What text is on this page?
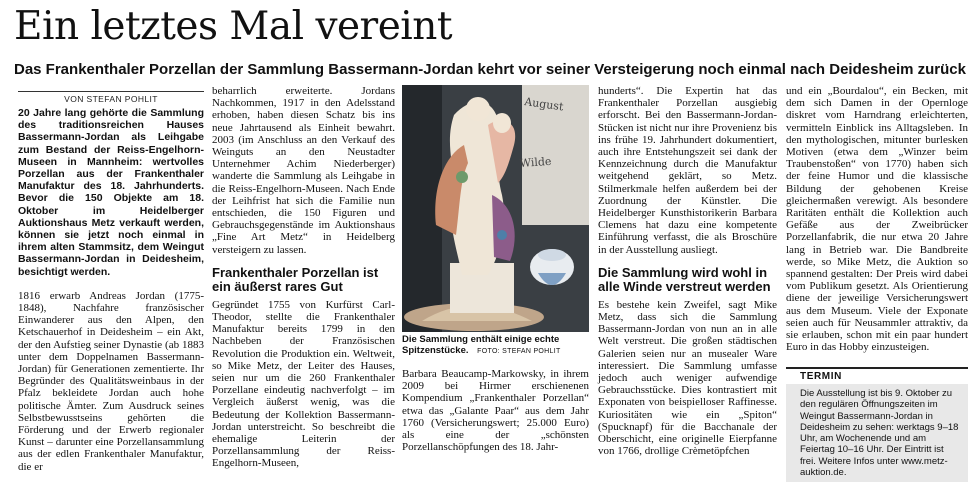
Ein letztes Mal vereint
Das Frankenthaler Porzellan der Sammlung Bassermann-Jordan kehrt vor seiner Versteigerung noch einmal nach Deidesheim zurück
VON STEFAN POHLIT

20 Jahre lang gehörte die Sammlung des traditionsreichen Hauses Bassermann-Jordan als Leihgabe zum Bestand der Reiss-Engelhorn-Museen in Mannheim: wertvolles Porzellan aus der Frankenthaler Manufaktur des 18. Jahrhunderts. Bevor die 150 Objekte am 18. Oktober im Heidelberger Auktionshaus Metz verkauft werden, können sie jetzt noch einmal in ihrem alten Stammsitz, dem Weingut Bassermann-Jordan in Deidesheim, besichtigt werden.

1816 erwarb Andreas Jordan (1775-1848), Nachfahre französischer Einwanderer aus den Alpen, den Ketschauerhof in Deidesheim – ein Akt, der den Aufstieg seiner Dynastie (ab 1883 unter dem Doppelnamen Bassermann-Jordan) für Generationen zementierte. Ihr Begründer des Qualitätsweinbaus in der Pfalz bekleidete Jordan auch hohe politische Ämter. Zum Ausdruck seines Selbstbewusstseins gehörten die Förderung und der Erwerb regionaler Kunst – darunter eine Porzellansammlung aus der edlen Frankenthaler Manufaktur, die er

beharrlich erweiterte. Jordans Nachkommen, 1917 in den Adelsstand erhoben, haben diesen Schatz bis ins neue Jahrtausend als Einheit bewahrt. 2003 (im Anschluss an den Verkauf des Weinguts an den Neustadter Unternehmer Achim Niederberger) wanderte die Sammlung als Leihgabe in die Reiss-Engelhorn-Museen. Nach Ende der Leihfrist hat sich die Familie nun entschieden, die 150 Figuren und Gebrauchsgegenstände im Auktionshaus „Fine Art Metz“ in Heidelberg versteigern zu lassen.

Frankenthaler Porzellan ist ein äußerst rares Gut

Gegründet 1755 von Kurfürst Carl-Theodor, stellte die Frankenthaler Manufaktur bereits 1799 in den Nachbeben der Französischen Revolution die Produktion ein. Weltweit, so Mike Metz, der Leiter des Hauses, seien nur um die 260 Frankenthaler Porzellane eindeutig nachverfolgt – im Vergleich äußerst wenig, was die Bedeutung der Kollektion Bassermann-Jordan unterstreicht. So beschreibt die ehemalige Leiterin der Porzellansammlung der Reiss-Engelhorn-Museen,

August
Wilde
Die Sammlung enthält einige echte Spitzenstücke. FOTO: STEFAN POHLIT

Barbara Beaucamp-Markowsky, in ihrem 2009 bei Hirmer erschienenen Kompendium „Frankenthaler Porzellan“ etwa das „Galante Paar“ aus dem Jahr 1760 (Versicherungswert; 25.000 Euro) als eine der „schönsten Porzellanschöpfungen des 18. Jahr-

hunderts“. Die Expertin hat das Frankenthaler Porzellan ausgiebig erforscht. Bei den Bassermann-Jordan-Stücken ist nicht nur ihre Provenienz bis ins frühe 19. Jahrhundert dokumentiert, auch ihre Entstehungszeit sei dank der Kennzeichnung durch die Manufaktur weitgehend geklärt, so Metz. Stilmerkmale helfen außerdem bei der Zuordnung der Künstler. Die Heidelberger Kunsthistorikerin Barbara Clemens hat dazu eine kompetente Einführung verfasst, die als Broschüre in der Ausstellung ausliegt.

Die Sammlung wird wohl in alle Winde verstreut werden

Es bestehe kein Zweifel, sagt Mike Metz, dass sich die Sammlung Bassermann-Jordan von nun an in alle Welt verstreut. Die großen städtischen Galerien seien nur an musealer Ware interessiert. Die Sammlung umfasse jedoch auch weniger aufwendige Gebrauchsstücke. Dies kontrastiert mit Exponaten von beispielloser Raffinesse. Kuriositäten wie ein „Spiton“ (Spucknapf) für die Bacchanale der Oberschicht, eine originelle Eierpfanne von 1766, drollige Crèmetöpfchen

und ein „Bourdalou“, ein Becken, mit dem sich Damen in der Opernloge diskret vom Harndrang erleichterten, vermitteln Einblick ins Alltagsleben. In den mythologischen, mitunter burlesken Motiven (etwa dem „Winzer beim Traubenstoßen“ von 1770) haben sich der feine Humor und die klassische Bildung der gehobenen Kreise gleichermaßen verewigt. Als besondere Raritäten enthält die Kollektion auch Gefäße aus der Zweibrücker Porzellanfabrik, die nur etwa 20 Jahre lang in Betrieb war. Die Bandbreite werde, so Mike Metz, die Auktion so spannend gestalten: Der Preis wird dabei vom Publikum gesetzt. Als Orientierung diene der jeweilige Versicherungswert aus dem Museum. Viele der Exponate seien auch für Neusammler attraktiv, da sie erlauben, schon mit ein paar hundert Euro in das Hobby einzusteigen.

TERMIN
Die Ausstellung ist bis 9. Oktober zu den regulären Öffnungszeiten im Weingut Bassermann-Jordan in Deidesheim zu sehen: werktags 9–18 Uhr, am Wochenende und am Feiertag 10–16 Uhr. Der Eintritt ist frei. Weitere Infos unter www.metz-auktion.de.
